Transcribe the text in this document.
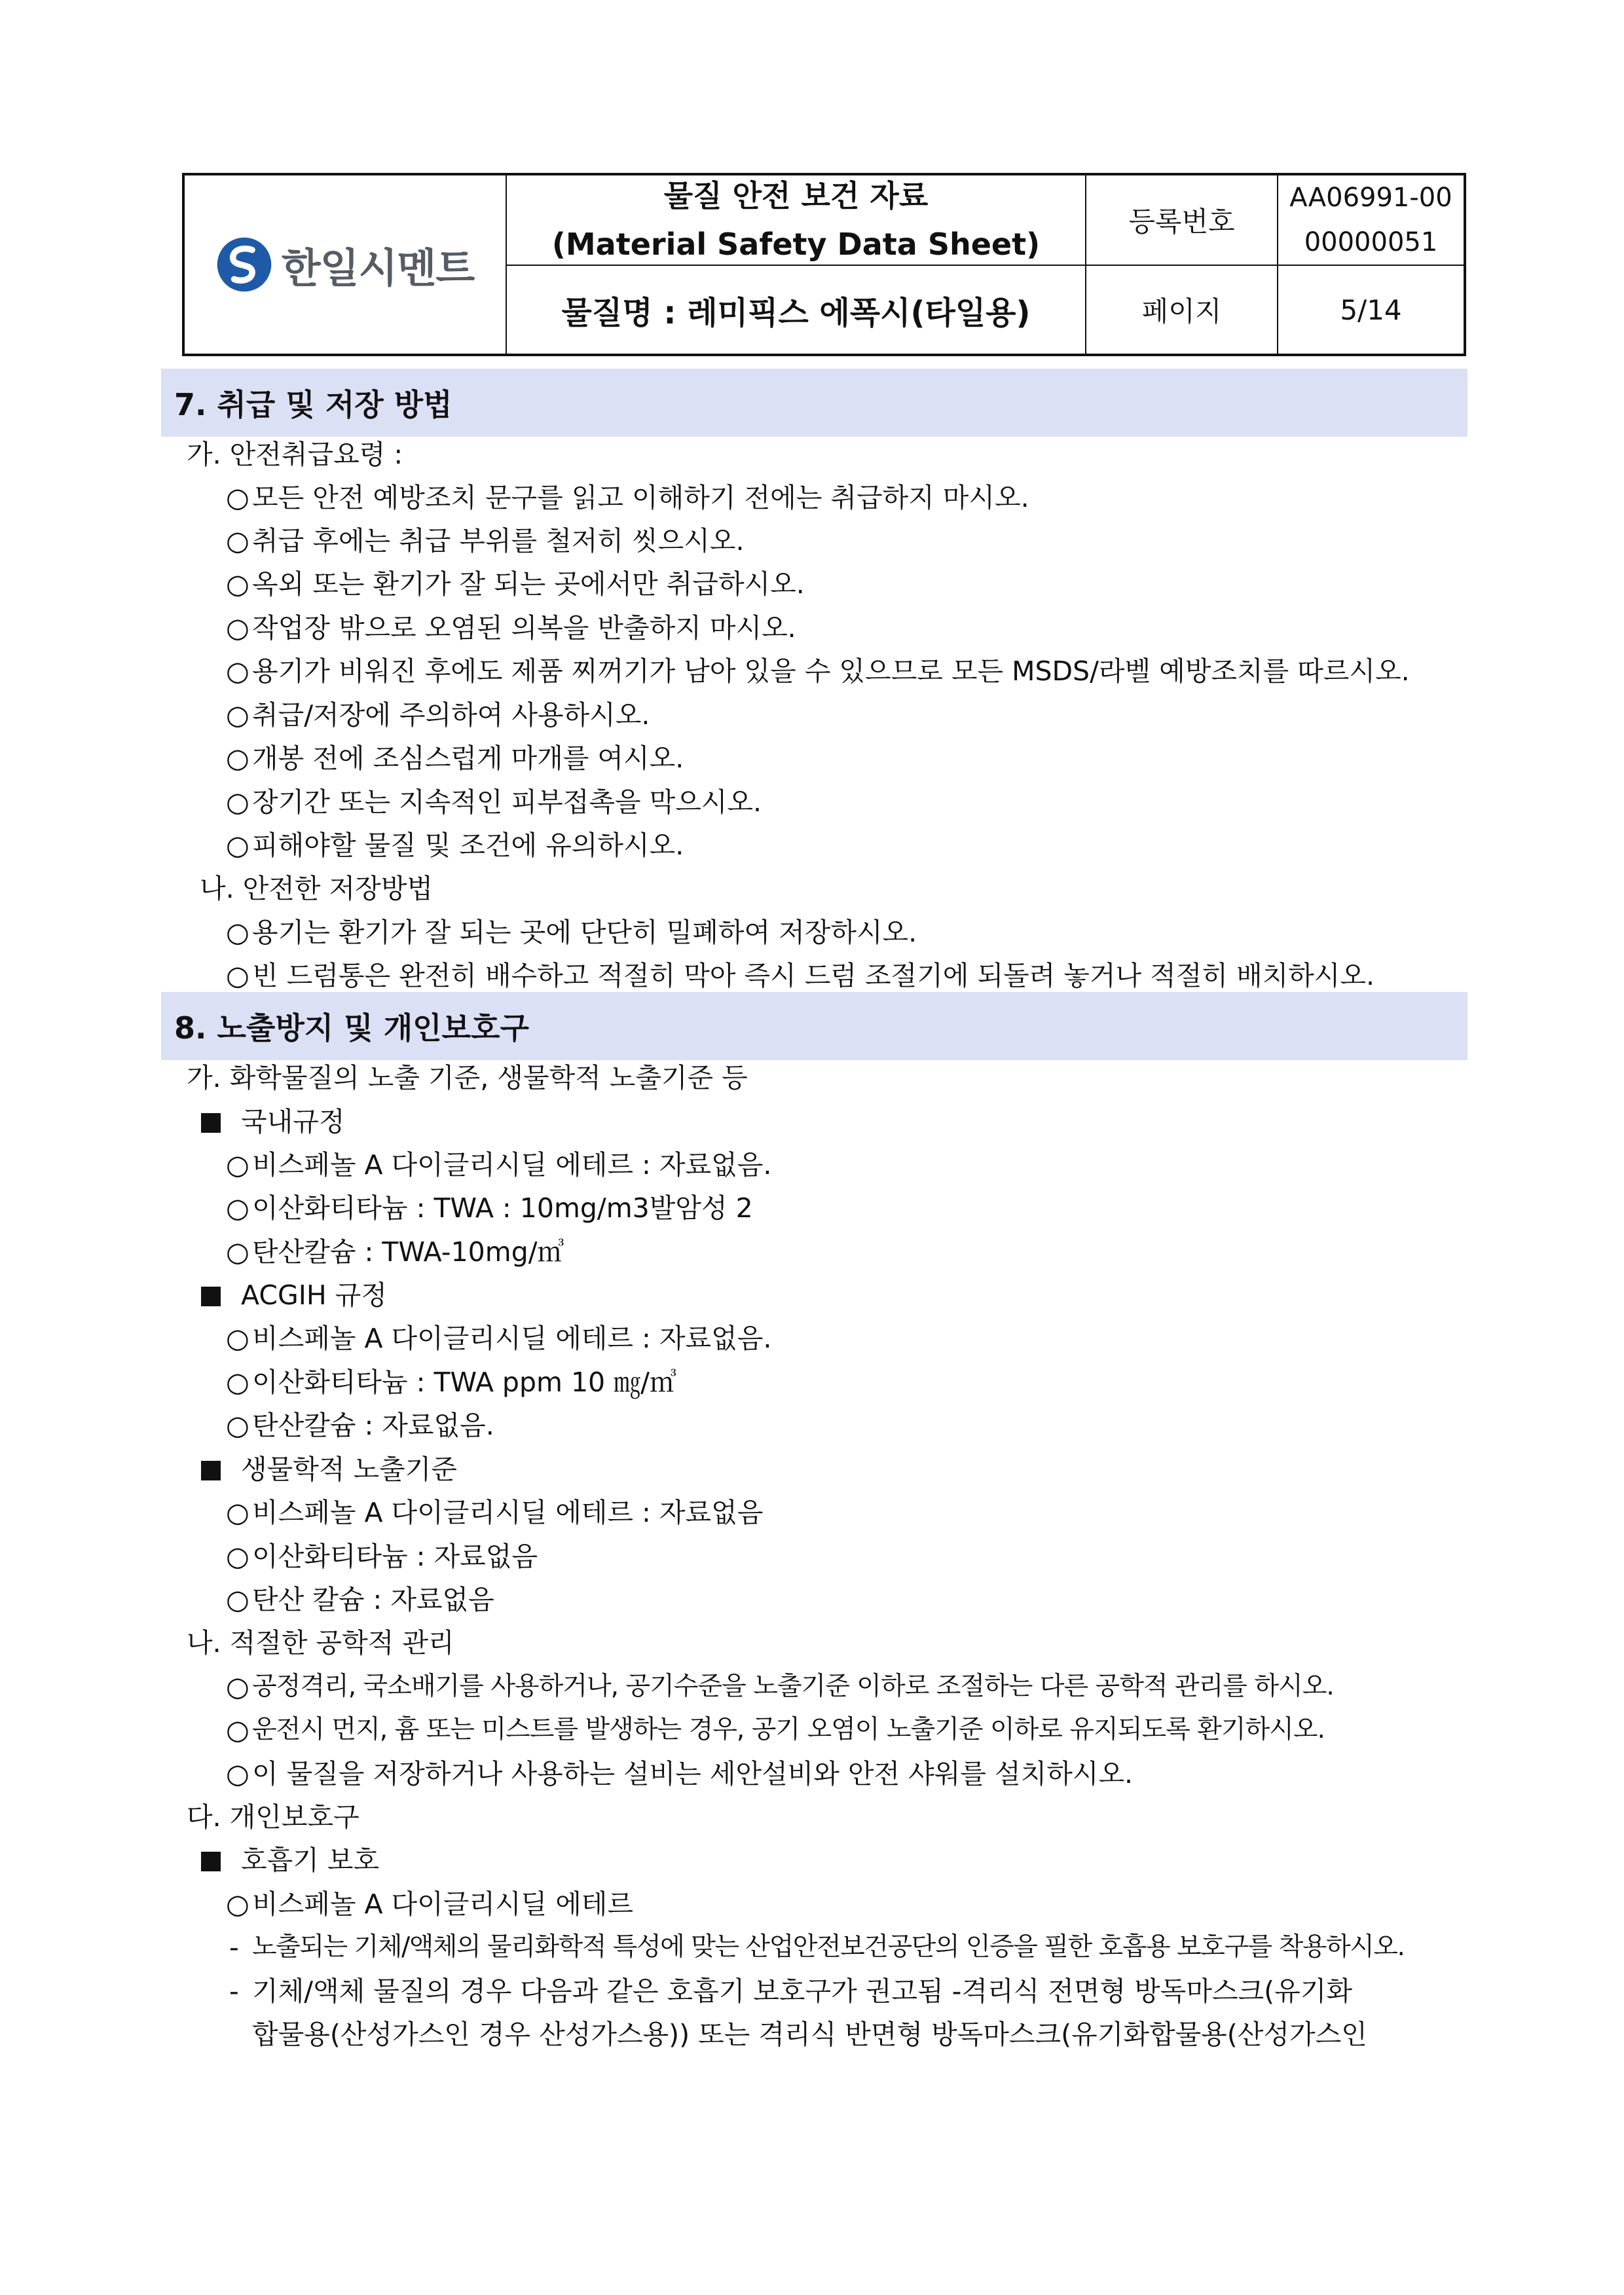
한일시멘트
물질 안전 보건 자료
(Material Safety Data Sheet)
물질명 : 레미픽스 에폭시(타일용)
등록번호
AA06991-00
00000051
페이지	5/14
7. 취급 및 저장 방법
가. 안전취급요령 :
○ 모든 안전 예방조치 문구를 읽고 이해하기 전에는 취급하지 마시오.
○ 취급 후에는 취급 부위를 철저히 씻으시오.
○ 옥외 또는 환기가 잘 되는 곳에서만 취급하시오.
○ 작업장 밖으로 오염된 의복을 반출하지 마시오.
○ 용기가 비워진 후에도 제품 찌꺼기가 남아 있을 수 있으므로 모든 MSDS/라벨 예방조치를 따르시오.
○ 취급/저장에 주의하여 사용하시오.
○ 개봉 전에 조심스럽게 마개를 여시오.
○ 장기간 또는 지속적인 피부접촉을 막으시오.
○ 피해야할 물질 및 조건에 유의하시오.
나. 안전한 저장방법
○ 용기는 환기가 잘 되는 곳에 단단히 밀폐하여 저장하시오.
○ 빈 드럼통은 완전히 배수하고 적절히 막아 즉시 드럼 조절기에 되돌려 놓거나 적절히 배치하시오.
8. 노출방지 및 개인보호구
가. 화학물질의 노출 기준, 생물학적 노출기준 등
국내규정
○ 비스페놀 A 다이글리시딜 에테르 : 자료없음.
○ 이산화티타늄 : TWA : 10mg/m3발암성 2
○ 탄산칼슘 : TWA-10mg/㎥
ACGIH 규정
○ 비스페놀 A 다이글리시딜 에테르 : 자료없음.
○ 이산화티타늄 : TWA ppm 10 ㎎/㎥
○ 탄산칼슘 : 자료없음.
생물학적 노출기준
○ 비스페놀 A 다이글리시딜 에테르 : 자료없음
○ 이산화티타늄 : 자료없음
○ 탄산 칼슘 : 자료없음
나. 적절한 공학적 관리
○ 공정격리, 국소배기를 사용하거나, 공기수준을 노출기준 이하로 조절하는 다른 공학적 관리를 하시오.
○ 운전시 먼지, 흄 또는 미스트를 발생하는 경우, 공기 오염이 노출기준 이하로 유지되도록 환기하시오.
○ 이 물질을 저장하거나 사용하는 설비는 세안설비와 안전 샤워를 설치하시오.
다. 개인보호구
호흡기 보호
○ 비스페놀 A 다이글리시딜 에테르
- 노출되는 기체/액체의 물리화학적 특성에 맞는 산업안전보건공단의 인증을 필한 호흡용 보호구를 착용하시오.
- 기체/액체 물질의 경우 다음과 같은 호흡기 보호구가 권고됨 -격리식 전면형 방독마스크(유기화
합물용(산성가스인 경우 산성가스용)) 또는 격리식 반면형 방독마스크(유기화합물용(산성가스인
